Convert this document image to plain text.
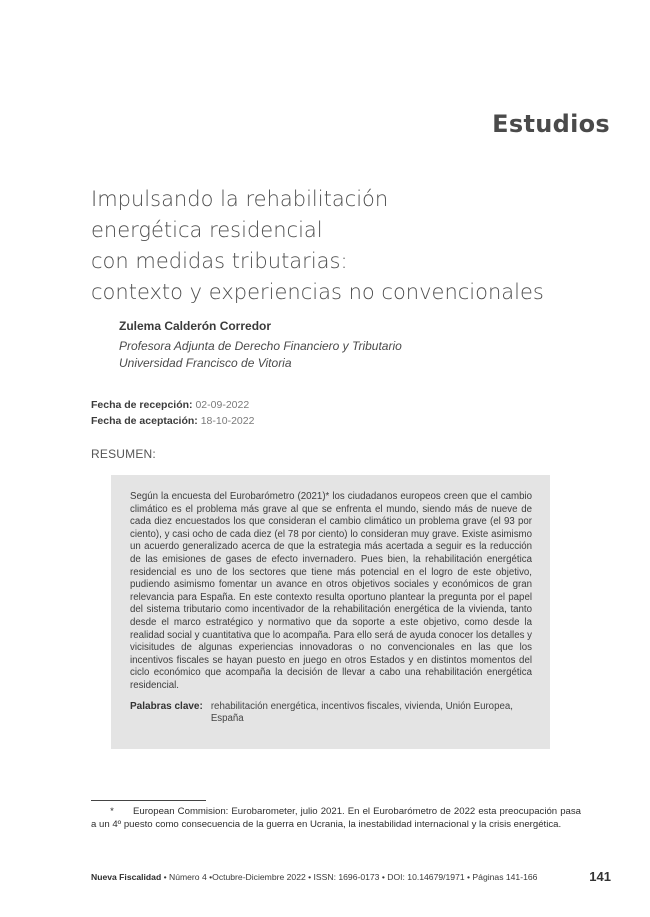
Estudios
Impulsando la rehabilitación
energética residencial
con medidas tributarias:
contexto y experiencias no convencionales
Zulema Calderón Corredor
Profesora Adjunta de Derecho Financiero y Tributario
Universidad Francisco de Vitoria
Fecha de recepción: 02-09-2022
Fecha de aceptación: 18-10-2022
RESUMEN:

Según la encuesta del Eurobarómetro (2021)* los ciudadanos europeos creen que el cambio climático es el problema más grave al que se enfrenta el mundo, siendo más de nueve de cada diez encuestados los que consideran el cambio climático un problema grave (el 93 por ciento), y casi ocho de cada diez (el 78 por ciento) lo consideran muy grave. Existe asimismo un acuerdo generalizado acerca de que la estrategia más acertada a seguir es la reducción de las emisiones de gases de efecto invernadero. Pues bien, la rehabilitación energética residencial es uno de los sectores que tiene más potencial en el logro de este objetivo, pudiendo asimismo fomentar un avance en otros objetivos sociales y económicos de gran relevancia para España. En este contexto resulta oportuno plantear la pregunta por el papel del sistema tributario como incentivador de la rehabilitación energética de la vivienda, tanto desde el marco estratégico y normativo que da soporte a este objetivo, como desde la realidad social y cuantitativa que lo acompaña. Para ello será de ayuda conocer los detalles y vicisitudes de algunas experiencias innovadoras o no convencionales en las que los incentivos fiscales se hayan puesto en juego en otros Estados y en distintos momentos del ciclo económico que acompaña la decisión de llevar a cabo una rehabilitación energética residencial.

Palabras clave: rehabilitación energética, incentivos fiscales, vivienda, Unión Europea, España
* European Commision: Eurobarometer, julio 2021. En el Eurobarómetro de 2022 esta preocupación pasa a un 4º puesto como consecuencia de la guerra en Ucrania, la inestabilidad internacional y la crisis energética.
Nueva Fiscalidad • Número 4 •Octubre-Diciembre 2022 • ISSN: 1696-0173 • DOI: 10.14679/1971 • Páginas 141-166	141
